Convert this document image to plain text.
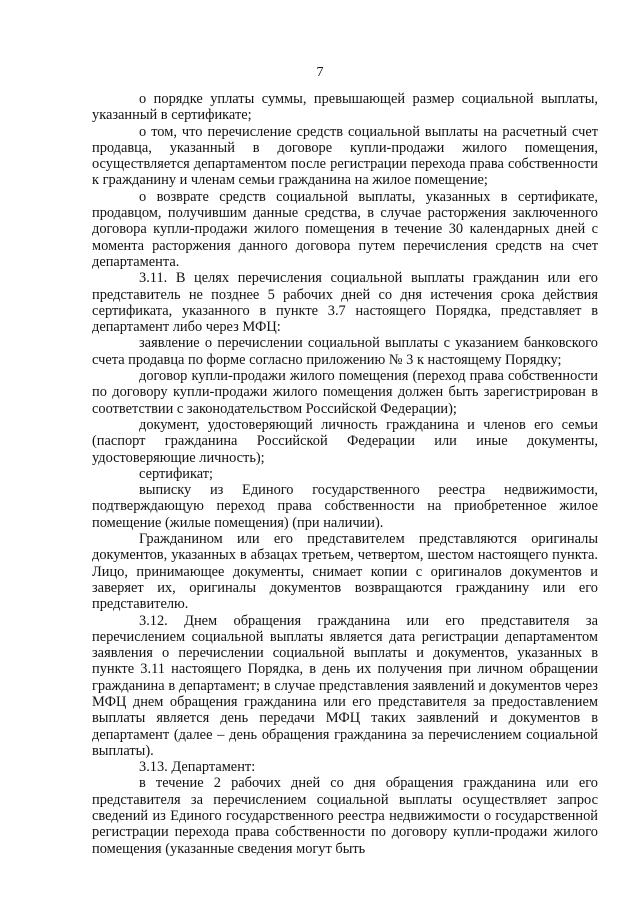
7

о порядке уплаты суммы, превышающей размер социальной выплаты, указанный в сертификате;

о том, что перечисление средств социальной выплаты на расчетный счет продавца, указанный в договоре купли-продажи жилого помещения, осуществляется департаментом после регистрации перехода права собственности к гражданину и членам семьи гражданина на жилое помещение;

о возврате средств социальной выплаты, указанных в сертификате, продавцом, получившим данные средства, в случае расторжения заключенного договора купли-продажи жилого помещения в течение 30 календарных дней с момента расторжения данного договора путем перечисления средств на счет департамента.

3.11. В целях перечисления социальной выплаты гражданин или его представитель не позднее 5 рабочих дней со дня истечения срока действия сертификата, указанного в пункте 3.7 настоящего Порядка, представляет в департамент либо через МФЦ:

заявление о перечислении социальной выплаты с указанием банковского счета продавца по форме согласно приложению № 3 к настоящему Порядку;

договор купли-продажи жилого помещения (переход права собственности по договору купли-продажи жилого помещения должен быть зарегистрирован в соответствии с законодательством Российской Федерации);

документ, удостоверяющий личность гражданина и членов его семьи (паспорт гражданина Российской Федерации или иные документы, удостоверяющие личность);

сертификат;

выписку из Единого государственного реестра недвижимости, подтверждающую переход права собственности на приобретенное жилое помещение (жилые помещения) (при наличии).

Гражданином или его представителем представляются оригиналы документов, указанных в абзацах третьем, четвертом, шестом настоящего пункта. Лицо, принимающее документы, снимает копии с оригиналов документов и заверяет их, оригиналы документов возвращаются гражданину или его представителю.

3.12. Днем обращения гражданина или его представителя за перечислением социальной выплаты является дата регистрации департаментом заявления о перечислении социальной выплаты и документов, указанных в пункте 3.11 настоящего Порядка, в день их получения при личном обращении гражданина в департамент; в случае представления заявлений и документов через МФЦ днем обращения гражданина или его представителя за предоставлением выплаты является день передачи МФЦ таких заявлений и документов в департамент (далее – день обращения гражданина за перечислением социальной выплаты).

3.13. Департамент:

в течение 2 рабочих дней со дня обращения гражданина или его представителя за перечислением социальной выплаты осуществляет запрос сведений из Единого государственного реестра недвижимости о государственной регистрации перехода права собственности по договору купли-продажи жилого помещения (указанные сведения могут быть
